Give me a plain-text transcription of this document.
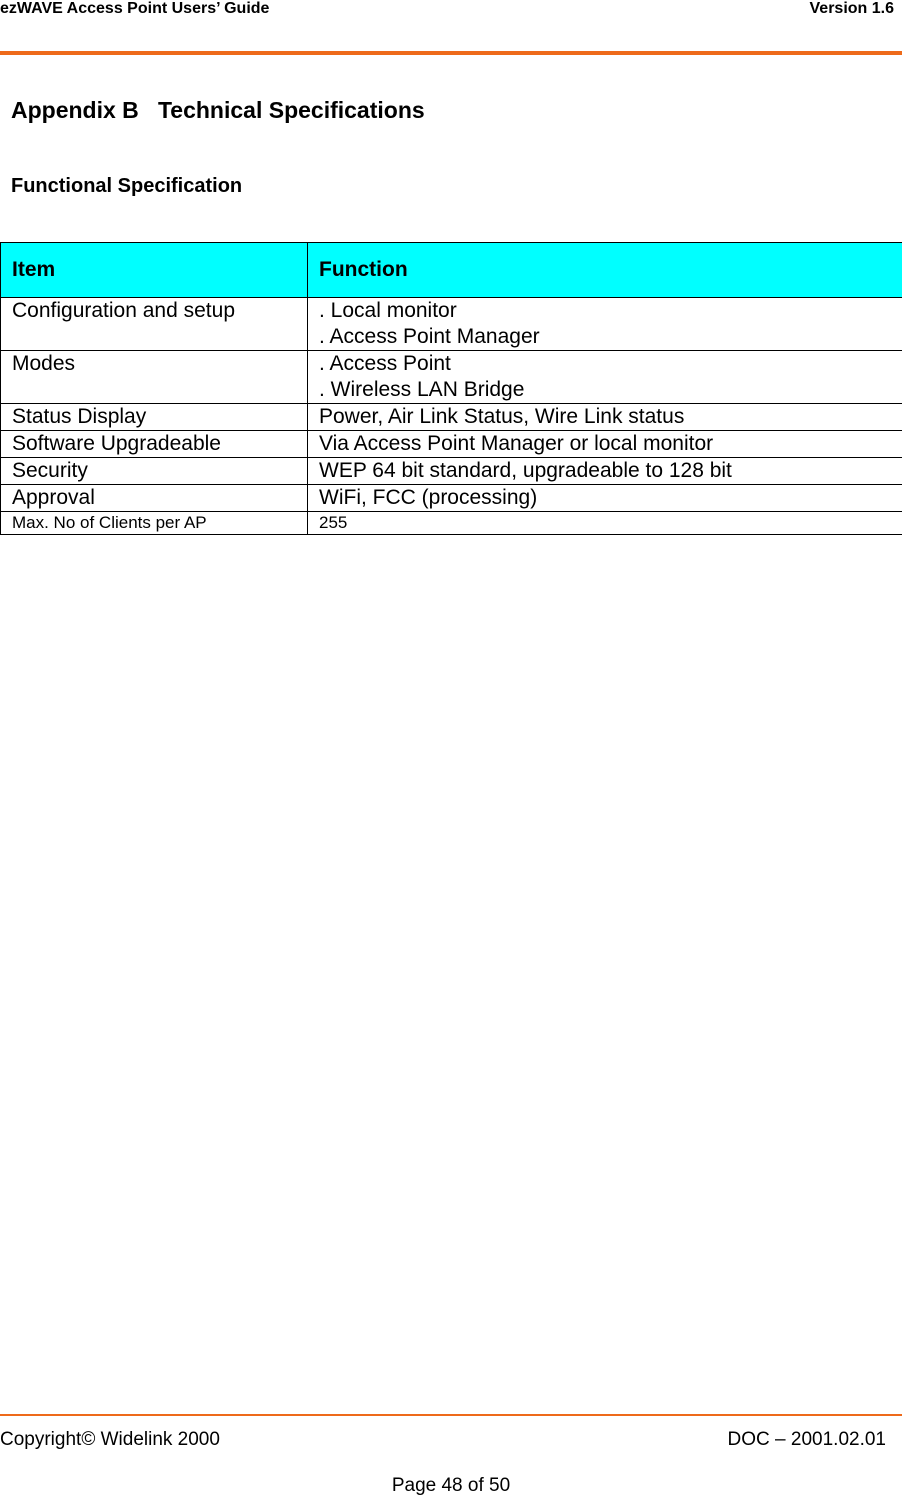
ezWAVE Access Point Users’ Guide	Version 1.6
Appendix B   Technical Specifications
Functional Specification
Item	Function
Configuration and setup	. Local monitor
. Access Point Manager

Modes	. Access Point
. Wireless LAN Bridge

Status Display	Power, Air Link Status, Wire Link status
Software Upgradeable	Via Access Point Manager or local monitor
Security	WEP 64 bit standard, upgradeable to 128 bit
Approval	WiFi, FCC (processing)
Max. No of Clients per AP	255
Copyright© Widelink 2000	DOC – 2001.02.01
Page 48 of 50
